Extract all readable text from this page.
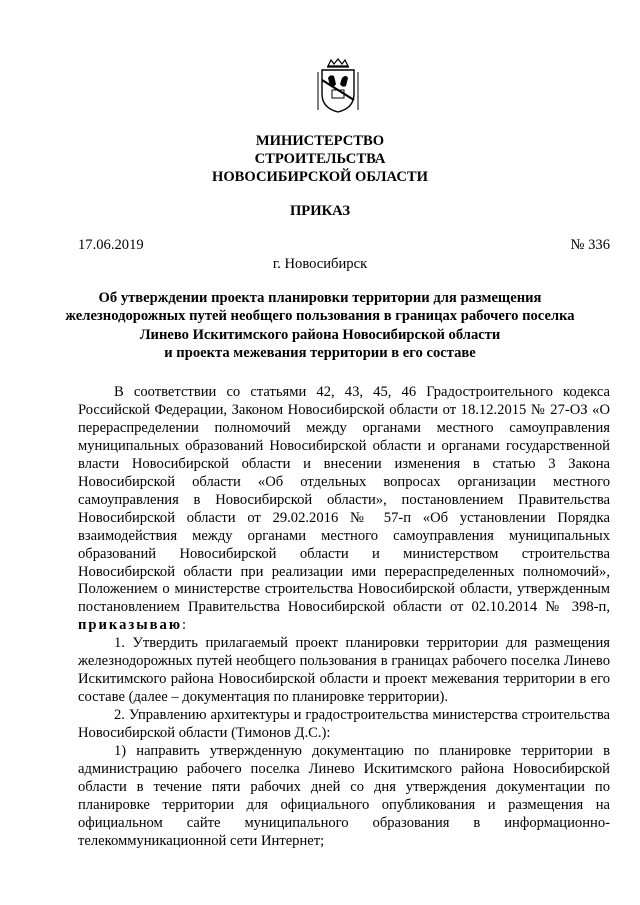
МИНИСТЕРСТВО
СТРОИТЕЛЬСТВА
НОВОСИБИРСКОЙ ОБЛАСТИ
ПРИКАЗ
17.06.2019	№ 336
г. Новосибирск
Об утверждении проекта планировки территории для размещения
железнодорожных путей необщего пользования в границах рабочего поселка
Линево Искитимского района Новосибирской области
и проекта межевания территории в его составе

В соответствии со статьями 42, 43, 45, 46 Градостроительного кодекса Российской Федерации, Законом Новосибирской области от 18.12.2015 № 27-ОЗ «О перераспределении полномочий между органами местного самоуправления муниципальных образований Новосибирской области и органами государственной власти Новосибирской области и внесении изменения в статью 3 Закона Новосибирской области «Об отдельных вопросах организации местного самоуправления в Новосибирской области», постановлением Правительства Новосибирской области от 29.02.2016 № 57-п «Об установлении Порядка взаимодействия между органами местного самоуправления муниципальных образований Новосибирской области и министерством строительства Новосибирской области при реализации ими перераспределенных полномочий», Положением о министерстве строительства Новосибирской области, утвержденным постановлением Правительства Новосибирской области от 02.10.2014 № 398-п, приказываю:

1. Утвердить прилагаемый проект планировки территории для размещения железнодорожных путей необщего пользования в границах рабочего поселка Линево Искитимского района Новосибирской области и проект межевания территории в его составе (далее – документация по планировке территории).

2. Управлению архитектуры и градостроительства министерства строительства Новосибирской области (Тимонов Д.С.):

1) направить утвержденную документацию по планировке территории в администрацию рабочего поселка Линево Искитимского района Новосибирской области в течение пяти рабочих дней со дня утверждения документации по планировке территории для официального опубликования и размещения на официальном сайте муниципального образования в информационно-телекоммуникационной сети Интернет;
